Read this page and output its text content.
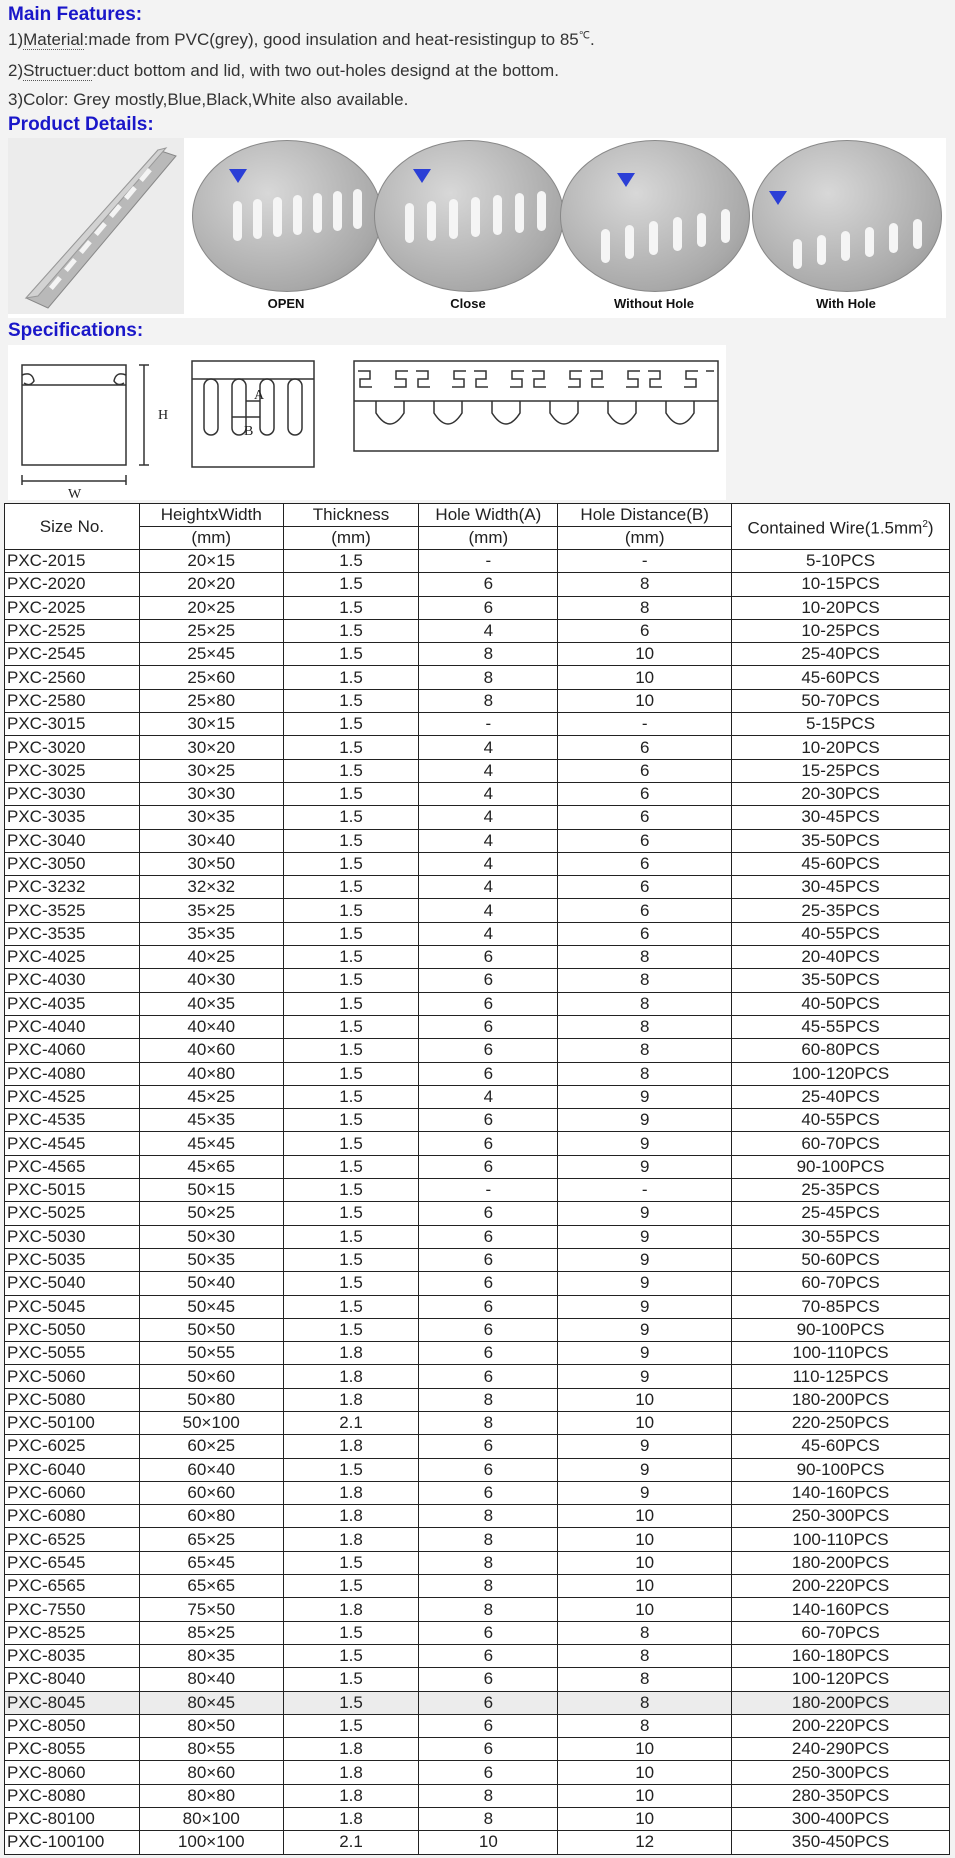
Main Features:

1)Material:made from PVC(grey), good insulation and heat-resistingup to 85℃.

2)Structuer:duct bottom and lid, with two out-holes designd at the bottom.

3)Color: Grey mostly,Blue,Black,White also available.

Product Details:
OPEN	Close	Without Hole	With Hole
Specifications:
H
W
A
B
Size No.	HeightxWidth	Thickness	Hole Width(A)	Hole Distance(B)	Contained $Wire(1.5mm^2)$
	(mm)	(mm)	(mm)	(mm)	
PXC-2015	20×15	1.5	-	-	5-10PCS
PXC-2020	20×20	1.5	6	8	10-15PCS
PXC-2025	20×25	1.5	6	8	10-20PCS
PXC-2525	25×25	1.5	4	6	10-25PCS
PXC-2545	25×45	1.5	8	10	25-40PCS
PXC-2560	25×60	1.5	8	10	45-60PCS
PXC-2580	25×80	1.5	8	10	50-70PCS
PXC-3015	30×15	1.5	-	-	5-15PCS
PXC-3020	30×20	1.5	4	6	10-20PCS
PXC-3025	30×25	1.5	4	6	15-25PCS
PXC-3030	30×30	1.5	4	6	20-30PCS
PXC-3035	30×35	1.5	4	6	30-45PCS
PXC-3040	30×40	1.5	4	6	35-50PCS
PXC-3050	30×50	1.5	4	6	45-60PCS
PXC-3232	32×32	1.5	4	6	30-45PCS
PXC-3525	35×25	1.5	4	6	25-35PCS
PXC-3535	35×35	1.5	4	6	40-55PCS
PXC-4025	40×25	1.5	6	8	20-40PCS
PXC-4030	40×30	1.5	6	8	35-50PCS
PXC-4035	40×35	1.5	6	8	40-50PCS
PXC-4040	40×40	1.5	6	8	45-55PCS
PXC-4060	40×60	1.5	6	8	60-80PCS
PXC-4080	40×80	1.5	6	8	100-120PCS
PXC-4525	45×25	1.5	4	9	25-40PCS
PXC-4535	45×35	1.5	6	9	40-55PCS
PXC-4545	45×45	1.5	6	9	60-70PCS
PXC-4565	45×65	1.5	6	9	90-100PCS
PXC-5015	50×15	1.5	-	-	25-35PCS
PXC-5025	50×25	1.5	6	9	25-45PCS
PXC-5030	50×30	1.5	6	9	30-55PCS
PXC-5035	50×35	1.5	6	9	50-60PCS
PXC-5040	50×40	1.5	6	9	60-70PCS
PXC-5045	50×45	1.5	6	9	70-85PCS
PXC-5050	50×50	1.5	6	9	90-100PCS
PXC-5055	50×55	1.8	6	9	100-110PCS
PXC-5060	50×60	1.8	6	9	110-125PCS
PXC-5080	50×80	1.8	8	10	180-200PCS
PXC-50100	50×100	2.1	8	10	220-250PCS
PXC-6025	60×25	1.8	6	9	45-60PCS
PXC-6040	60×40	1.5	6	9	90-100PCS
PXC-6060	60×60	1.8	6	9	140-160PCS
PXC-6080	60×80	1.8	8	10	250-300PCS
PXC-6525	65×25	1.8	8	10	100-110PCS
PXC-6545	65×45	1.5	8	10	180-200PCS
PXC-6565	65×65	1.5	8	10	200-220PCS
PXC-7550	75×50	1.8	8	10	140-160PCS
PXC-8525	85×25	1.5	6	8	60-70PCS
PXC-8035	80×35	1.5	6	8	160-180PCS
PXC-8040	80×40	1.5	6	8	100-120PCS
PXC-8045	80×45	1.5	6	8	180-200PCS
PXC-8050	80×50	1.5	6	8	200-220PCS
PXC-8055	80×55	1.8	6	10	240-290PCS
PXC-8060	80×60	1.8	6	10	250-300PCS
PXC-8080	80×80	1.8	8	10	280-350PCS
PXC-80100	80×100	1.8	8	10	300-400PCS
PXC-100100	100×100	2.1	10	12	350-450PCS
